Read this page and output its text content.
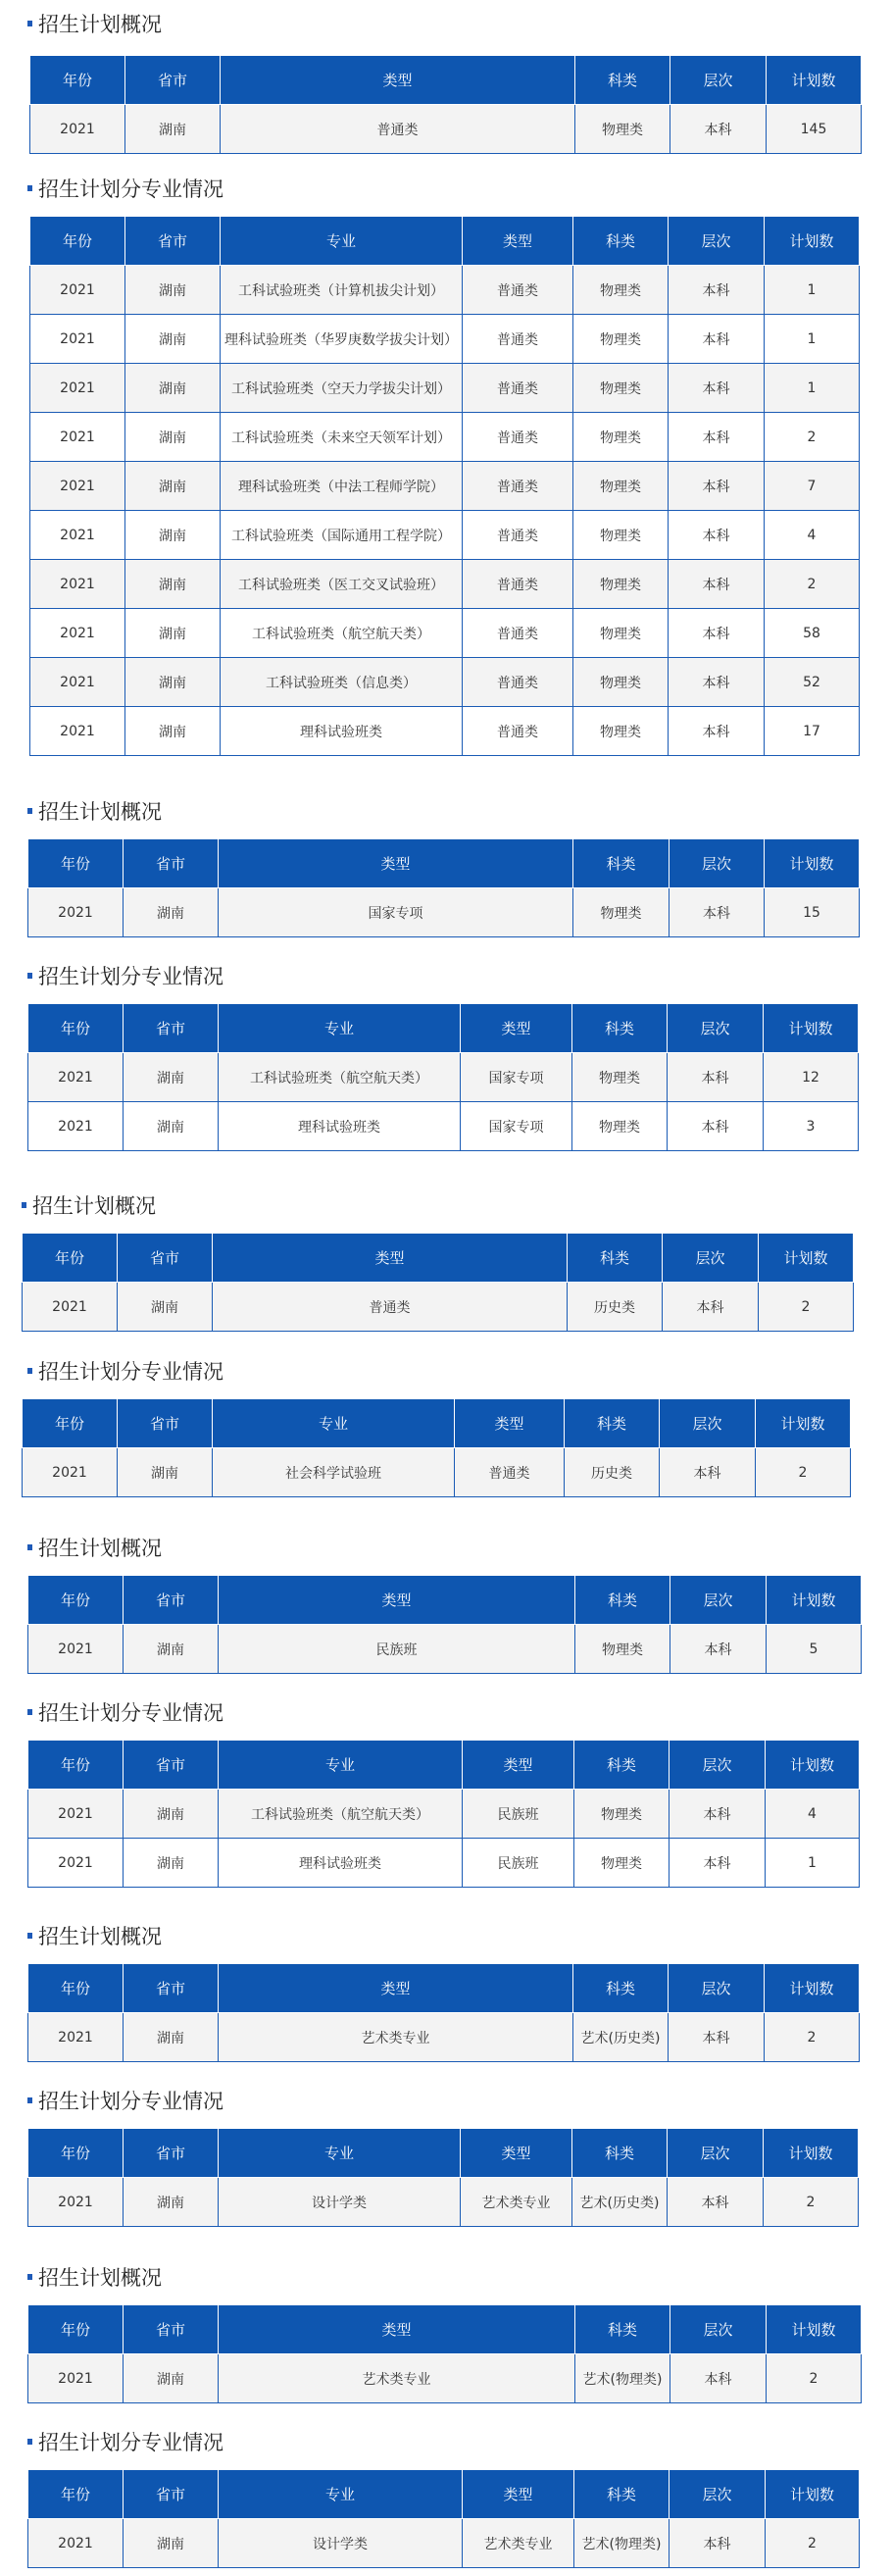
招生计划概况
年份	省市	类型	科类	层次	计划数
2021	湖南	普通类	物理类	本科	145
招生计划分专业情况
年份	省市	专业	类型	科类	层次	计划数
2021	湖南	工科试验班类（计算机拔尖计划）	普通类	物理类	本科	1
2021	湖南	理科试验班类（华罗庚数学拔尖计划）	普通类	物理类	本科	1
2021	湖南	工科试验班类（空天力学拔尖计划）	普通类	物理类	本科	1
2021	湖南	工科试验班类（未来空天领军计划）	普通类	物理类	本科	2
2021	湖南	理科试验班类（中法工程师学院）	普通类	物理类	本科	7
2021	湖南	工科试验班类（国际通用工程学院）	普通类	物理类	本科	4
2021	湖南	工科试验班类（医工交叉试验班）	普通类	物理类	本科	2
2021	湖南	工科试验班类（航空航天类）	普通类	物理类	本科	58
2021	湖南	工科试验班类（信息类）	普通类	物理类	本科	52
2021	湖南	理科试验班类	普通类	物理类	本科	17
招生计划概况
年份	省市	类型	科类	层次	计划数
2021	湖南	国家专项	物理类	本科	15
招生计划分专业情况
年份	省市	专业	类型	科类	层次	计划数
2021	湖南	工科试验班类（航空航天类）	国家专项	物理类	本科	12
2021	湖南	理科试验班类	国家专项	物理类	本科	3
招生计划概况
年份	省市	类型	科类	层次	计划数
2021	湖南	普通类	历史类	本科	2
招生计划分专业情况
年份	省市	专业	类型	科类	层次	计划数
2021	湖南	社会科学试验班	普通类	历史类	本科	2
招生计划概况
年份	省市	类型	科类	层次	计划数
2021	湖南	民族班	物理类	本科	5
招生计划分专业情况
年份	省市	专业	类型	科类	层次	计划数
2021	湖南	工科试验班类（航空航天类）	民族班	物理类	本科	4
2021	湖南	理科试验班类	民族班	物理类	本科	1
招生计划概况
年份	省市	类型	科类	层次	计划数
2021	湖南	艺术类专业	艺术(历史类)	本科	2
招生计划分专业情况
年份	省市	专业	类型	科类	层次	计划数
2021	湖南	设计学类	艺术类专业	艺术(历史类)	本科	2
招生计划概况
年份	省市	类型	科类	层次	计划数
2021	湖南	艺术类专业	艺术(物理类)	本科	2
招生计划分专业情况
年份	省市	专业	类型	科类	层次	计划数
2021	湖南	设计学类	艺术类专业	艺术(物理类)	本科	2
